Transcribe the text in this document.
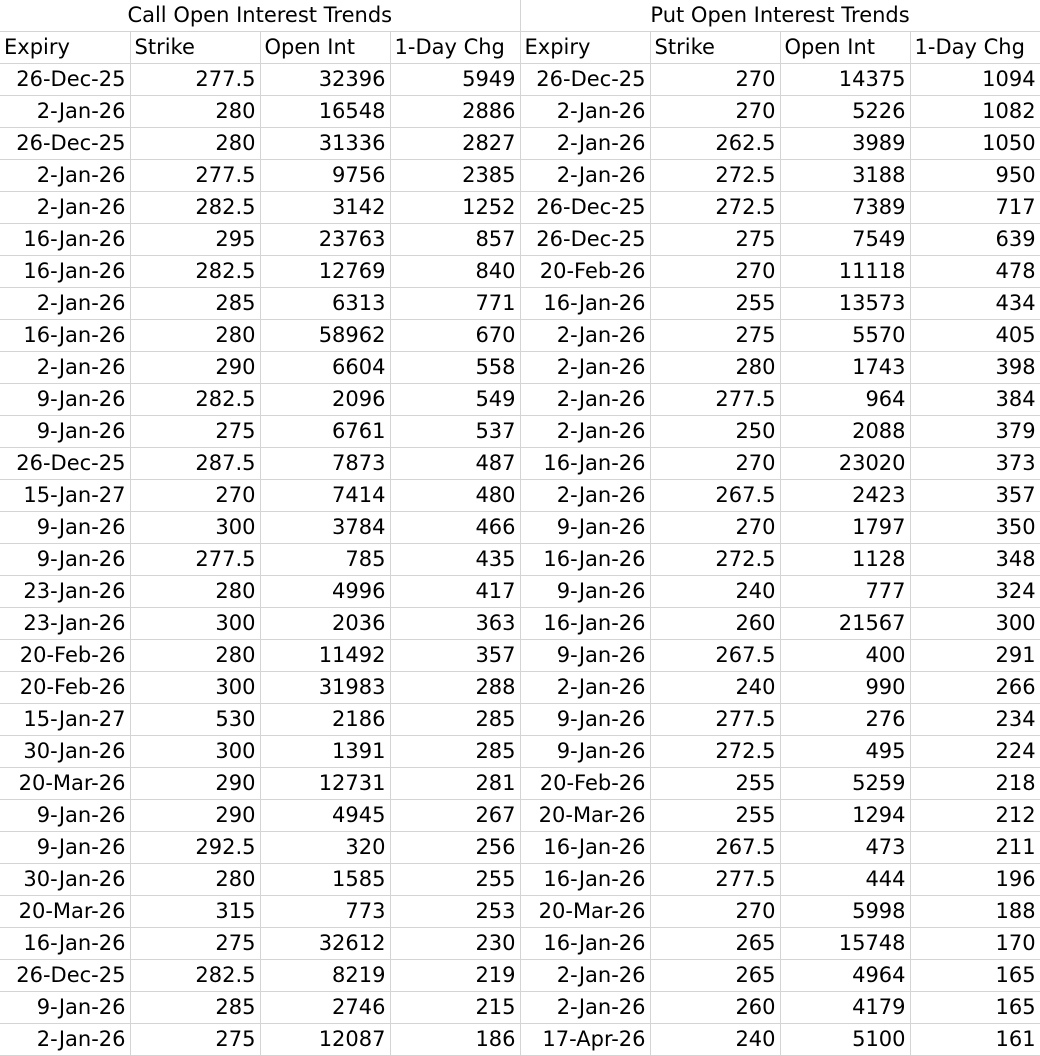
Call Open Interest Trends				Put Open Interest Trends			
Expiry	Strike	Open Int	1-Day Chg	Expiry	Strike	Open Int	1-Day Chg
26-Dec-25	277.5	32396	5949	26-Dec-25	270	14375	1094
2-Jan-26	280	16548	2886	2-Jan-26	270	5226	1082
26-Dec-25	280	31336	2827	2-Jan-26	262.5	3989	1050
2-Jan-26	277.5	9756	2385	2-Jan-26	272.5	3188	950
2-Jan-26	282.5	3142	1252	26-Dec-25	272.5	7389	717
16-Jan-26	295	23763	857	26-Dec-25	275	7549	639
16-Jan-26	282.5	12769	840	20-Feb-26	270	11118	478
2-Jan-26	285	6313	771	16-Jan-26	255	13573	434
16-Jan-26	280	58962	670	2-Jan-26	275	5570	405
2-Jan-26	290	6604	558	2-Jan-26	280	1743	398
9-Jan-26	282.5	2096	549	2-Jan-26	277.5	964	384
9-Jan-26	275	6761	537	2-Jan-26	250	2088	379
26-Dec-25	287.5	7873	487	16-Jan-26	270	23020	373
15-Jan-27	270	7414	480	2-Jan-26	267.5	2423	357
9-Jan-26	300	3784	466	9-Jan-26	270	1797	350
9-Jan-26	277.5	785	435	16-Jan-26	272.5	1128	348
23-Jan-26	280	4996	417	9-Jan-26	240	777	324
23-Jan-26	300	2036	363	16-Jan-26	260	21567	300
20-Feb-26	280	11492	357	9-Jan-26	267.5	400	291
20-Feb-26	300	31983	288	2-Jan-26	240	990	266
15-Jan-27	530	2186	285	9-Jan-26	277.5	276	234
30-Jan-26	300	1391	285	9-Jan-26	272.5	495	224
20-Mar-26	290	12731	281	20-Feb-26	255	5259	218
9-Jan-26	290	4945	267	20-Mar-26	255	1294	212
9-Jan-26	292.5	320	256	16-Jan-26	267.5	473	211
30-Jan-26	280	1585	255	16-Jan-26	277.5	444	196
20-Mar-26	315	773	253	20-Mar-26	270	5998	188
16-Jan-26	275	32612	230	16-Jan-26	265	15748	170
26-Dec-25	282.5	8219	219	2-Jan-26	265	4964	165
9-Jan-26	285	2746	215	2-Jan-26	260	4179	165
2-Jan-26	275	12087	186	17-Apr-26	240	5100	161
